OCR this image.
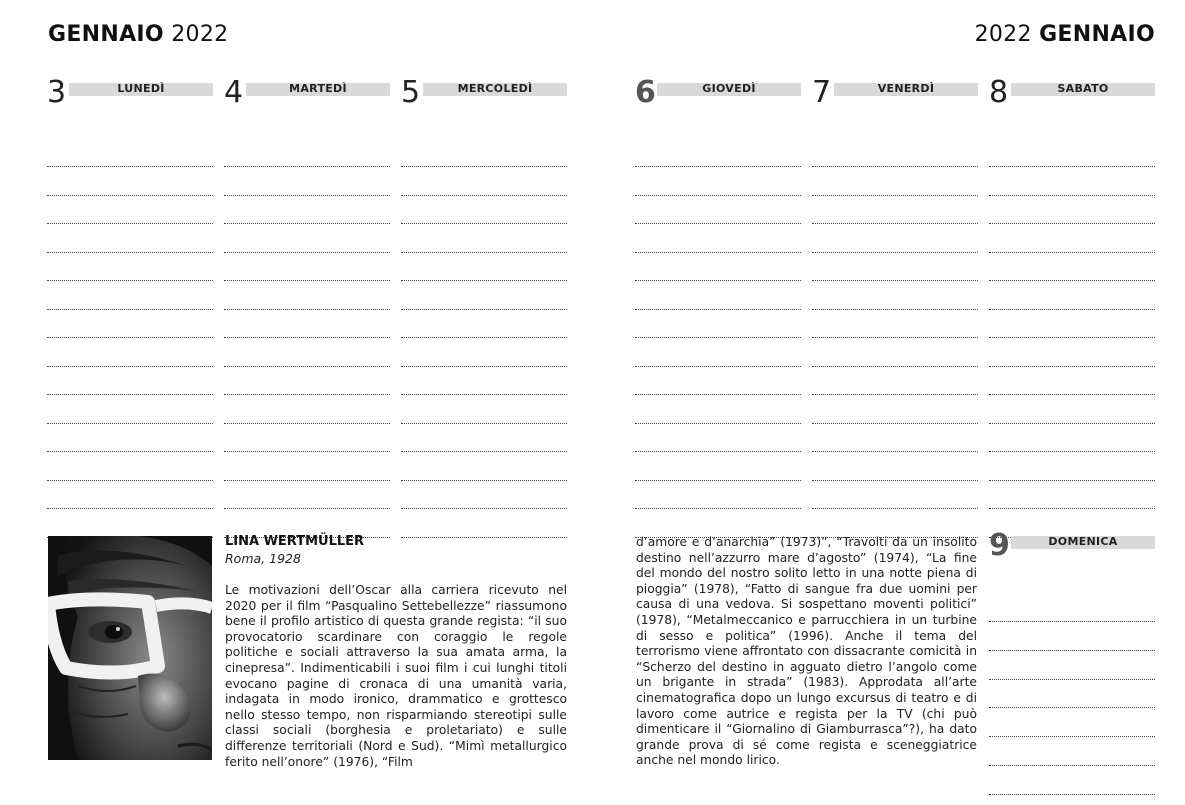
GENNAIO 2022	2022 GENNAIO
3	LUNEDÌ	4	MARTEDÌ	5	MERCOLEDÌ	6	GIOVEDÌ	7	VENERDÌ	8	SABATO
9	DOMENICA
LINA WERTMÜLLER
Roma, 1928
Le motivazioni dell’Oscar alla carriera ricevuto nel 2020 per il film “Pasqualino Settebellezze” riassumono bene il profilo artistico di questa grande regista: “il suo provocatorio scardinare con coraggio le regole politiche e sociali attraverso la sua amata arma, la cinepresa”. Indimenticabili i suoi film i cui lunghi titoli evocano pagine di cronaca di una umanità varia, indagata in modo ironico, drammatico e grottesco nello stesso tempo, non risparmiando stereotipi sulle classi sociali (borghesia e proletariato) e sulle differenze territoriali (Nord e Sud). “Mimì metallurgico ferito nell’onore” (1976), “Film
d’amore e d’anarchia” (1973)”, “Travolti da un insolito destino nell’azzurro mare d’agosto” (1974), “La fine del mondo del nostro solito letto in una notte piena di pioggia” (1978), “Fatto di sangue fra due uomini per causa di una vedova. Si sospettano moventi politici” (1978), “Metalmeccanico e parrucchiera in un turbine di sesso e politica” (1996). Anche il tema del terrorismo viene affrontato con dissacrante comicità in “Scherzo del destino in agguato dietro l’angolo come un brigante in strada” (1983). Approdata all’arte cinematografica dopo un lungo excursus di teatro e di lavoro come autrice e regista per la TV (chi può dimenticare il “Giornalino di Giamburrasca”?), ha dato grande prova di sé come regista e sceneggiatrice anche nel mondo lirico.
